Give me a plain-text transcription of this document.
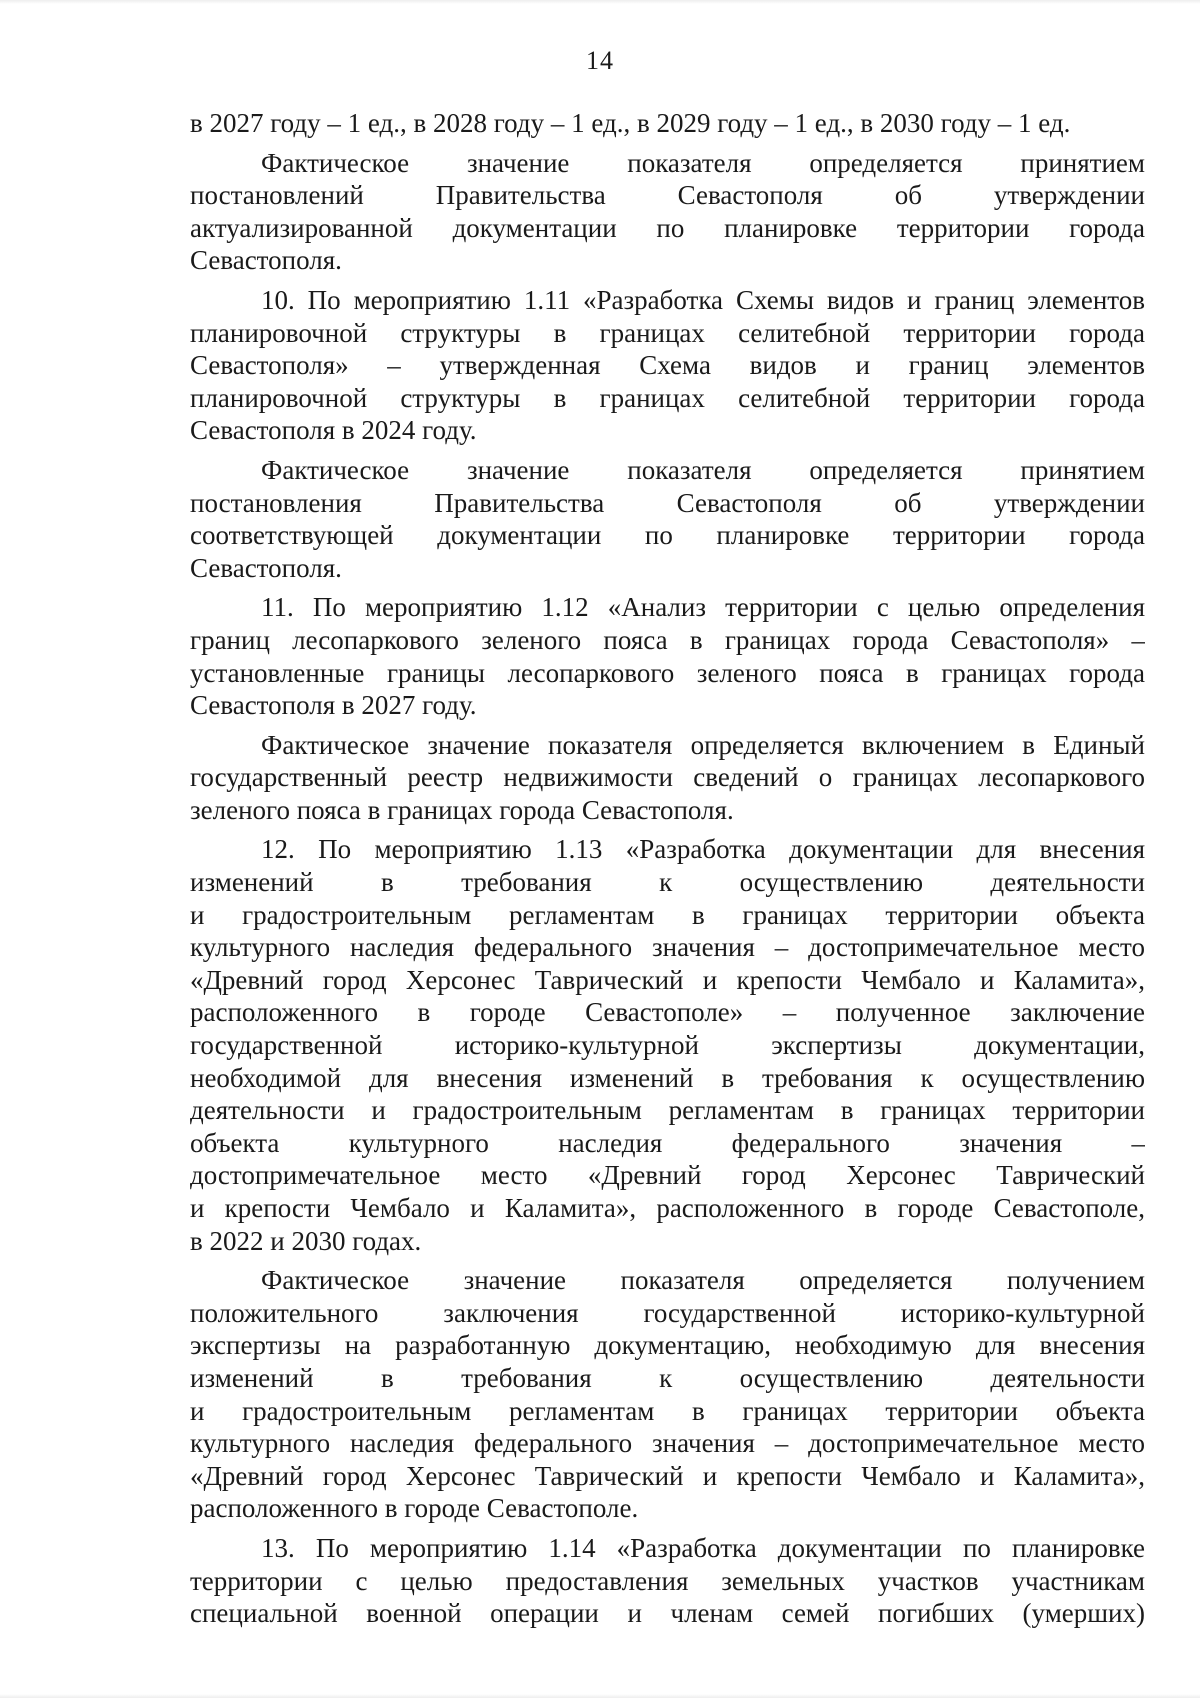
14
в 2027 году – 1 ед., в 2028 году – 1 ед., в 2029 году – 1 ед., в 2030 году – 1 ед.
Фактическое значение показателя определяется принятием
постановлений Правительства Севастополя об утверждении
актуализированной документации по планировке территории города
Севастополя.
10. По мероприятию 1.11 «Разработка Схемы видов и границ элементов
планировочной структуры в границах селитебной территории города
Севастополя» – утвержденная Схема видов и границ элементов
планировочной структуры в границах селитебной территории города
Севастополя в 2024 году.
Фактическое значение показателя определяется принятием
постановления Правительства Севастополя об утверждении
соответствующей документации по планировке территории города
Севастополя.
11. По мероприятию 1.12 «Анализ территории с целью определения
границ лесопаркового зеленого пояса в границах города Севастополя» –
установленные границы лесопаркового зеленого пояса в границах города
Севастополя в 2027 году.
Фактическое значение показателя определяется включением в Единый
государственный реестр недвижимости сведений о границах лесопаркового
зеленого пояса в границах города Севастополя.
12. По мероприятию 1.13 «Разработка документации для внесения
изменений в требования к осуществлению деятельности
и градостроительным регламентам в границах территории объекта
культурного наследия федерального значения – достопримечательное место
«Древний город Херсонес Таврический и крепости Чембало и Каламита»,
расположенного в городе Севастополе» – полученное заключение
государственной историко-культурной экспертизы документации,
необходимой для внесения изменений в требования к осуществлению
деятельности и градостроительным регламентам в границах территории
объекта культурного наследия федерального значения –
достопримечательное место «Древний город Херсонес Таврический
и крепости Чембало и Каламита», расположенного в городе Севастополе,
в 2022 и 2030 годах.
Фактическое значение показателя определяется получением
положительного заключения государственной историко-культурной
экспертизы на разработанную документацию, необходимую для внесения
изменений в требования к осуществлению деятельности
и градостроительным регламентам в границах территории объекта
культурного наследия федерального значения – достопримечательное место
«Древний город Херсонес Таврический и крепости Чембало и Каламита»,
расположенного в городе Севастополе.
13. По мероприятию 1.14 «Разработка документации по планировке
территории с целью предоставления земельных участков участникам
специальной военной операции и членам семей погибших (умерших)
